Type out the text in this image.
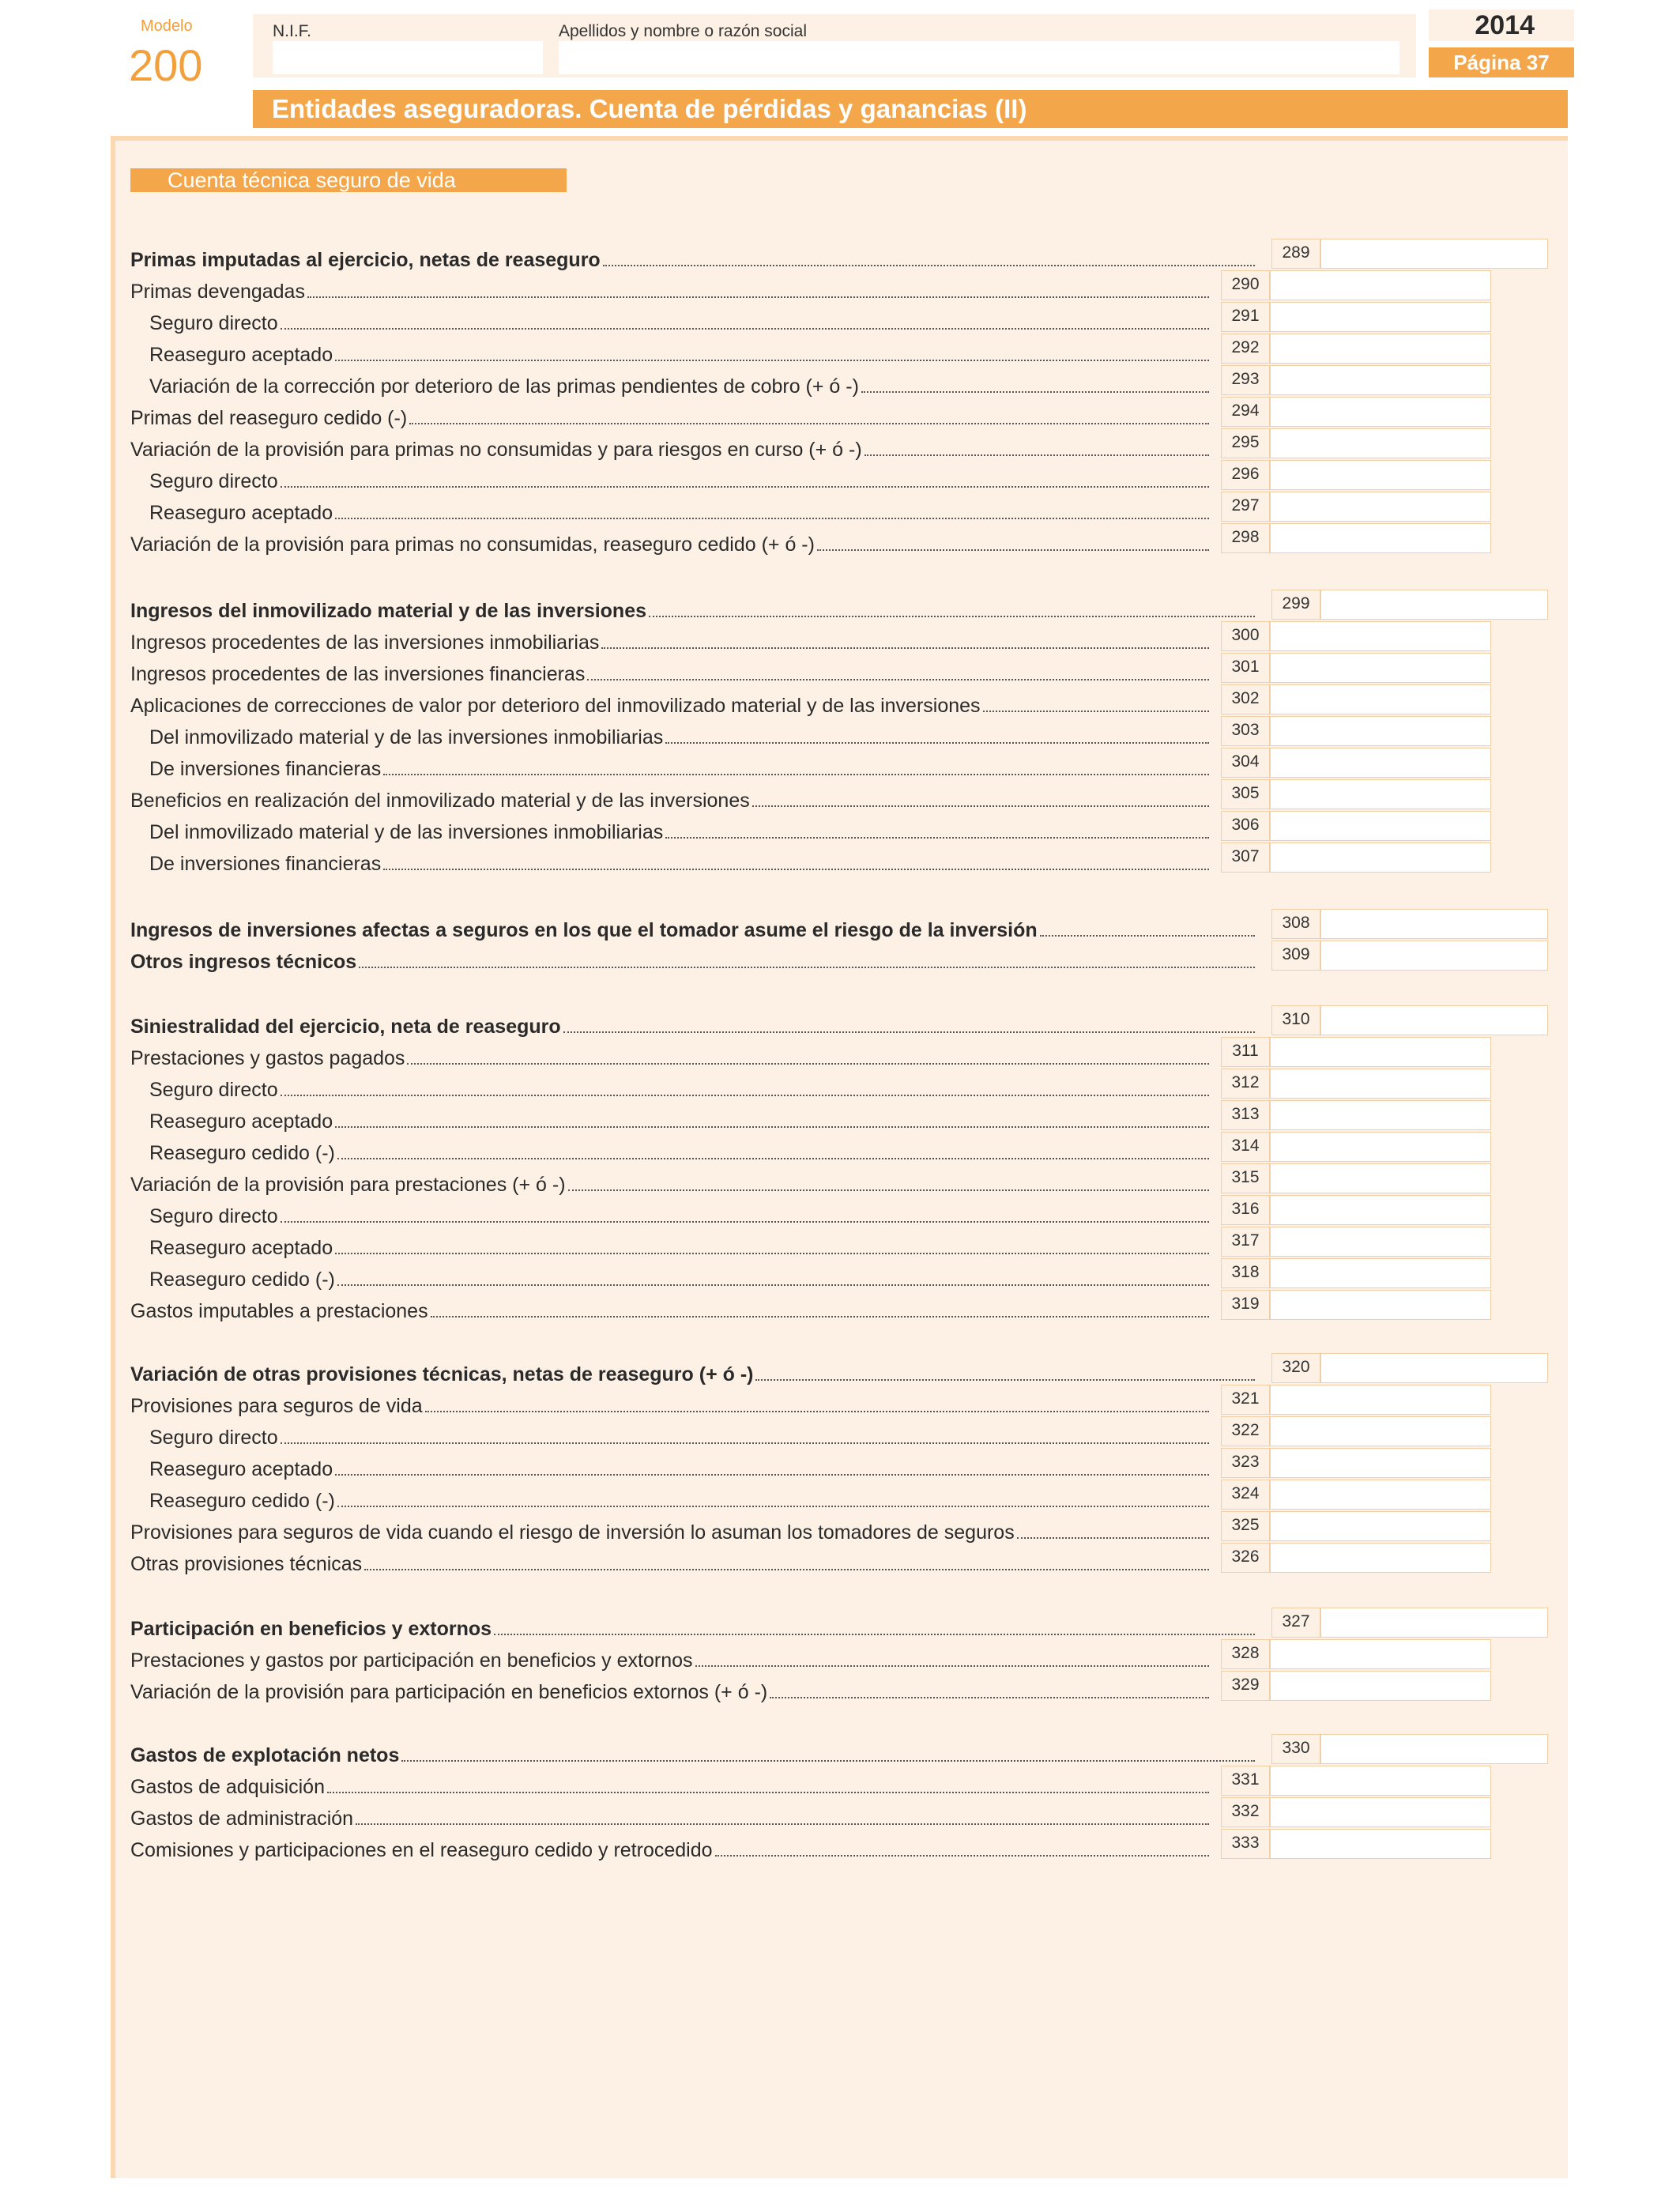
Modelo
200
N.I.F.	Apellidos y nombre o razón social	2014
Página 37
Entidades aseguradoras. Cuenta de pérdidas y ganancias (II)
Cuenta técnica seguro de vida
Primas imputadas al ejercicio, netas de reaseguro	289
Primas devengadas	290
Seguro directo	291
Reaseguro aceptado	292
Variación de la corrección por deterioro de las primas pendientes de cobro (+ ó -)	293
Primas del reaseguro cedido (-)	294
Variación de la provisión para primas no consumidas y para riesgos en curso (+ ó -)	295
Seguro directo	296
Reaseguro aceptado	297
Variación de la provisión para primas no consumidas, reaseguro cedido (+ ó -)	298
Ingresos del inmovilizado material y de las inversiones	299
Ingresos procedentes de las inversiones inmobiliarias	300
Ingresos procedentes de las inversiones financieras	301
Aplicaciones de correcciones de valor por deterioro del inmovilizado material y de las inversiones	302
Del inmovilizado material y de las inversiones inmobiliarias	303
De inversiones financieras	304
Beneficios en realización del inmovilizado material y de las inversiones	305
Del inmovilizado material y de las inversiones inmobiliarias	306
De inversiones financieras	307
Ingresos de inversiones afectas a seguros en los que el tomador asume el riesgo de la inversión	308
Otros ingresos técnicos	309
Siniestralidad del ejercicio, neta de reaseguro	310
Prestaciones y gastos pagados	311
Seguro directo	312
Reaseguro aceptado	313
Reaseguro cedido (-)	314
Variación de la provisión para prestaciones (+ ó -)	315
Seguro directo	316
Reaseguro aceptado	317
Reaseguro cedido (-)	318
Gastos imputables a prestaciones	319
Variación de otras provisiones técnicas, netas de reaseguro (+ ó -)	320
Provisiones para seguros de vida	321
Seguro directo	322
Reaseguro aceptado	323
Reaseguro cedido (-)	324
Provisiones para seguros de vida cuando el riesgo de inversión lo asuman los tomadores de seguros	325
Otras provisiones técnicas	326
Participación en beneficios y extornos	327
Prestaciones y gastos por participación en beneficios y extornos	328
Variación de la provisión para participación en beneficios extornos (+ ó -)	329
Gastos de explotación netos	330
Gastos de adquisición	331
Gastos de administración	332
Comisiones y participaciones en el reaseguro cedido y retrocedido	333
